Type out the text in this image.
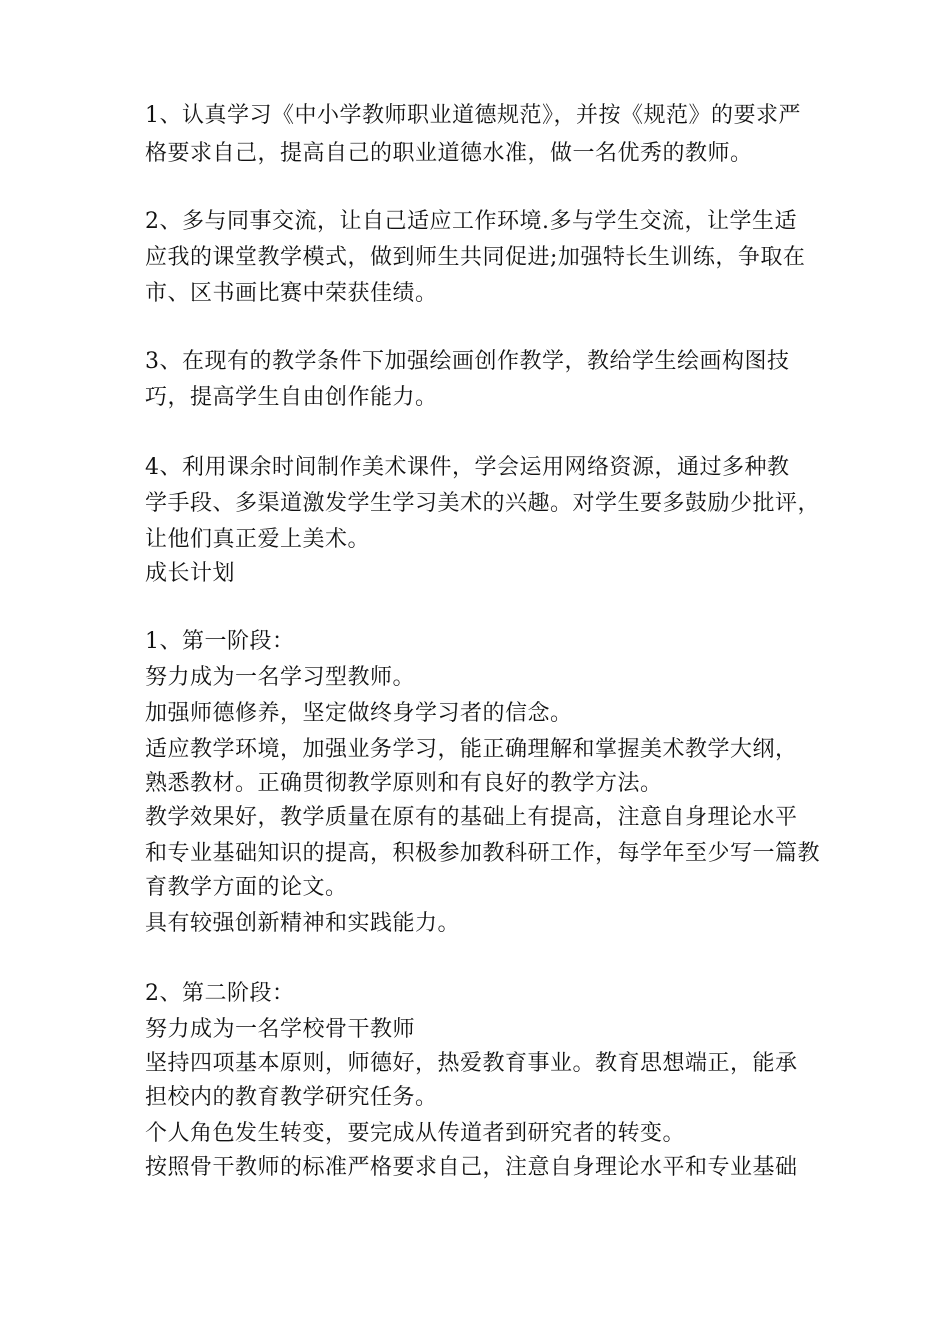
1、认真学习《中小学教师职业道德规范》，并按《规范》的要求严
格要求自己，提高自己的职业道德水准，做一名优秀的教师。
2、多与同事交流，让自己适应工作环境.多与学生交流，让学生适
应我的课堂教学模式，做到师生共同促进;加强特长生训练，争取在
市、区书画比赛中荣获佳绩。
3、在现有的教学条件下加强绘画创作教学，教给学生绘画构图技
巧，提高学生自由创作能力。
4、利用课余时间制作美术课件，学会运用网络资源，通过多种教
学手段、多渠道激发学生学习美术的兴趣。对学生要多鼓励少批评，
让他们真正爱上美术。
成长计划
1、第一阶段：
努力成为一名学习型教师。
加强师德修养，坚定做终身学习者的信念。
适应教学环境，加强业务学习，能正确理解和掌握美术教学大纲，
熟悉教材。正确贯彻教学原则和有良好的教学方法。
教学效果好，教学质量在原有的基础上有提高，注意自身理论水平
和专业基础知识的提高，积极参加教科研工作，每学年至少写一篇教
育教学方面的论文。
具有较强创新精神和实践能力。
2、第二阶段：
努力成为一名学校骨干教师
坚持四项基本原则，师德好，热爱教育事业。教育思想端正，能承
担校内的教育教学研究任务。
个人角色发生转变，要完成从传道者到研究者的转变。
按照骨干教师的标准严格要求自己，注意自身理论水平和专业基础
